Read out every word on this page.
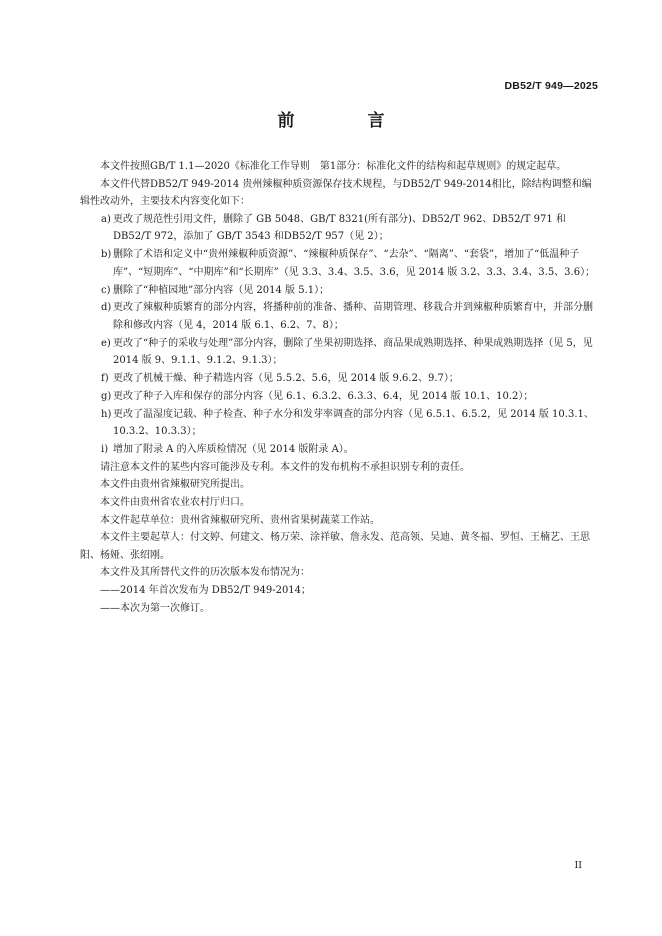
DB52/T 949—2025
前　言

本文件按照GB/T 1.1—2020《标准化工作导则　第1部分：标准化文件的结构和起草规则》的规定起草。

本文件代替DB52/T 949-2014 贵州辣椒种质资源保存技术规程，与DB52/T 949-2014相比，除结构调整和编辑性改动外，主要技术内容变化如下：

a) 更改了规范性引用文件，删除了 GB 5048、GB/T 8321(所有部分)、DB52/T 962、DB52/T 971 和DB52/T 972，添加了 GB/T 3543 和DB52/T 957（见 2）；
b) 删除了术语和定义中“贵州辣椒种质资源”、“辣椒种质保存”、“去杂”、“隔离”、“套袋”，增加了“低温种子库”、“短期库”、“中期库”和“长期库”（见 3.3、3.4、3.5、3.6，见 2014 版 3.2、3.3、3.4、3.5、3.6）；
c) 删除了“种植园地”部分内容（见 2014 版 5.1）；
d) 更改了辣椒种质繁育的部分内容，将播种前的准备、播种、苗期管理、移栽合并到辣椒种质繁育中，并部分删除和修改内容（见 4，2014 版 6.1、6.2、7、8）；
e) 更改了“种子的采收与处理”部分内容，删除了坐果初期选择、商品果成熟期选择、种果成熟期选择（见 5，见 2014 版 9、9.1.1、9.1.2、9.1.3）；
f) 更改了机械干燥、种子精选内容（见 5.5.2、5.6，见 2014 版 9.6.2、9.7）；
g) 更改了种子入库和保存的部分内容（见 6.1、6.3.2、6.3.3、6.4，见 2014 版 10.1、10.2）；
h) 更改了温湿度记载、种子检查、种子水分和发芽率调查的部分内容（见 6.5.1、6.5.2，见 2014 版 10.3.1、10.3.2、10.3.3）；
i) 增加了附录 A 的入库质检情况（见 2014 版附录 A）。

请注意本文件的某些内容可能涉及专利。本文件的发布机构不承担识别专利的责任。

本文件由贵州省辣椒研究所提出。

本文件由贵州省农业农村厅归口。

本文件起草单位：贵州省辣椒研究所、贵州省果树蔬菜工作站。

本文件主要起草人：付文婷、何建文、杨万荣、涂祥敏、詹永发、范高领、吴迪、黄冬福、罗恒、王楠艺、王思阳、杨娅、张绍刚。

本文件及其所替代文件的历次版本发布情况为：

——2014 年首次发布为 DB52/T 949-2014；

——本次为第一次修订。

II
